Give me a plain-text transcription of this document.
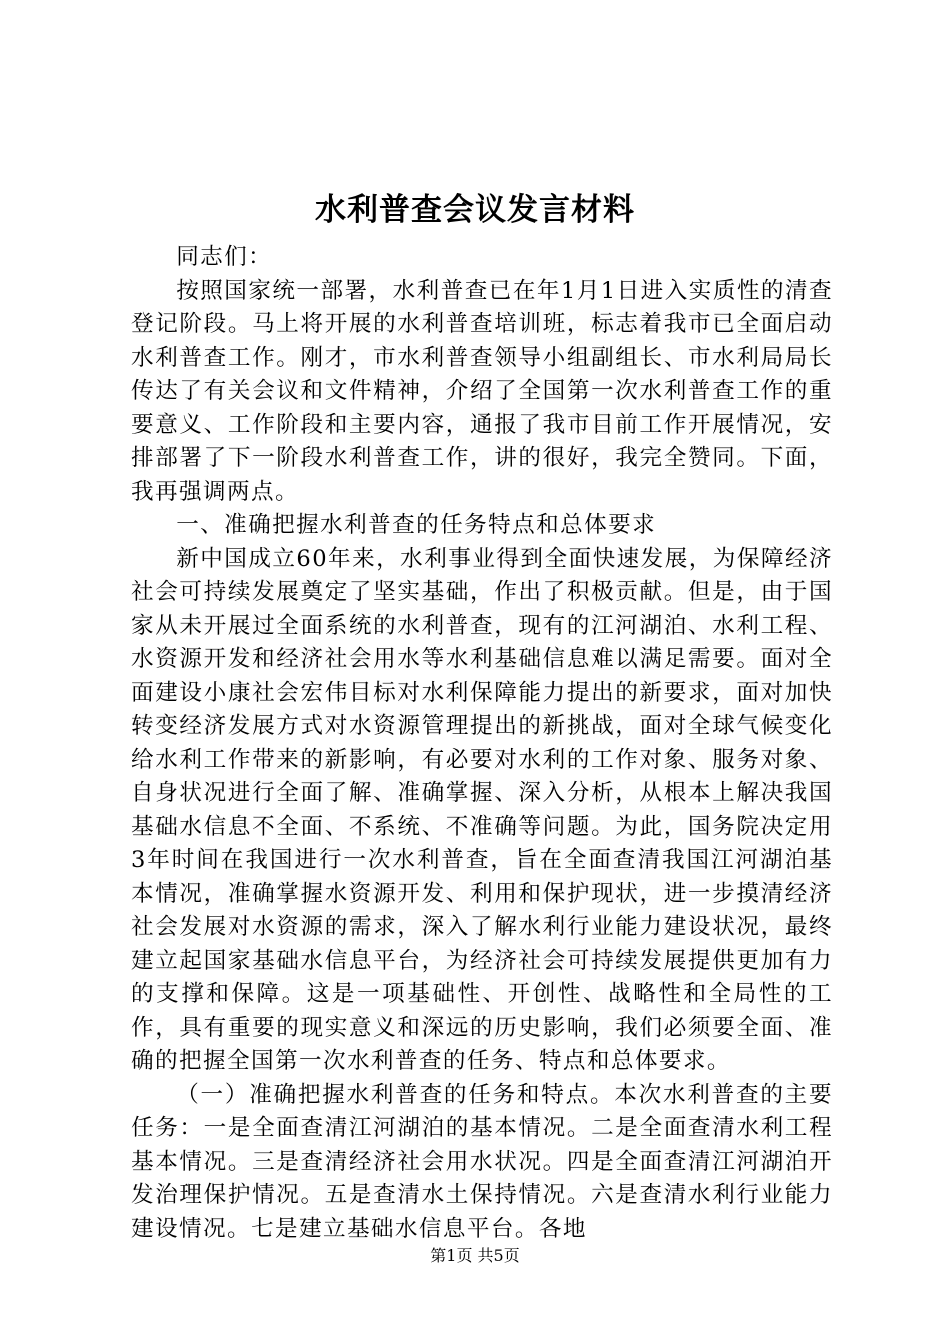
水利普查会议发言材料

同志们：

按照国家统一部署，水利普查已在年1月1日进入实质性的清查登记阶段。马上将开展的水利普查培训班，标志着我市已全面启动水利普查工作。刚才，市水利普查领导小组副组长、市水利局局长传达了有关会议和文件精神，介绍了全国第一次水利普查工作的重要意义、工作阶段和主要内容，通报了我市目前工作开展情况，安排部署了下一阶段水利普查工作，讲的很好，我完全赞同。下面，我再强调两点。

一、准确把握水利普查的任务特点和总体要求

新中国成立60年来，水利事业得到全面快速发展，为保障经济社会可持续发展奠定了坚实基础，作出了积极贡献。但是，由于国家从未开展过全面系统的水利普查，现有的江河湖泊、水利工程、水资源开发和经济社会用水等水利基础信息难以满足需要。面对全面建设小康社会宏伟目标对水利保障能力提出的新要求，面对加快转变经济发展方式对水资源管理提出的新挑战，面对全球气候变化给水利工作带来的新影响，有必要对水利的工作对象、服务对象、自身状况进行全面了解、准确掌握、深入分析，从根本上解决我国基础水信息不全面、不系统、不准确等问题。为此，国务院决定用3年时间在我国进行一次水利普查，旨在全面查清我国江河湖泊基本情况，准确掌握水资源开发、利用和保护现状，进一步摸清经济社会发展对水资源的需求，深入了解水利行业能力建设状况，最终建立起国家基础水信息平台，为经济社会可持续发展提供更加有力的支撑和保障。这是一项基础性、开创性、战略性和全局性的工作，具有重要的现实意义和深远的历史影响，我们必须要全面、准确的把握全国第一次水利普查的任务、特点和总体要求。

（一）准确把握水利普查的任务和特点。本次水利普查的主要任务：一是全面查清江河湖泊的基本情况。二是全面查清水利工程基本情况。三是查清经济社会用水状况。四是全面查清江河湖泊开发治理保护情况。五是查清水土保持情况。六是查清水利行业能力建设情况。七是建立基础水信息平台。各地

第1页 共5页
